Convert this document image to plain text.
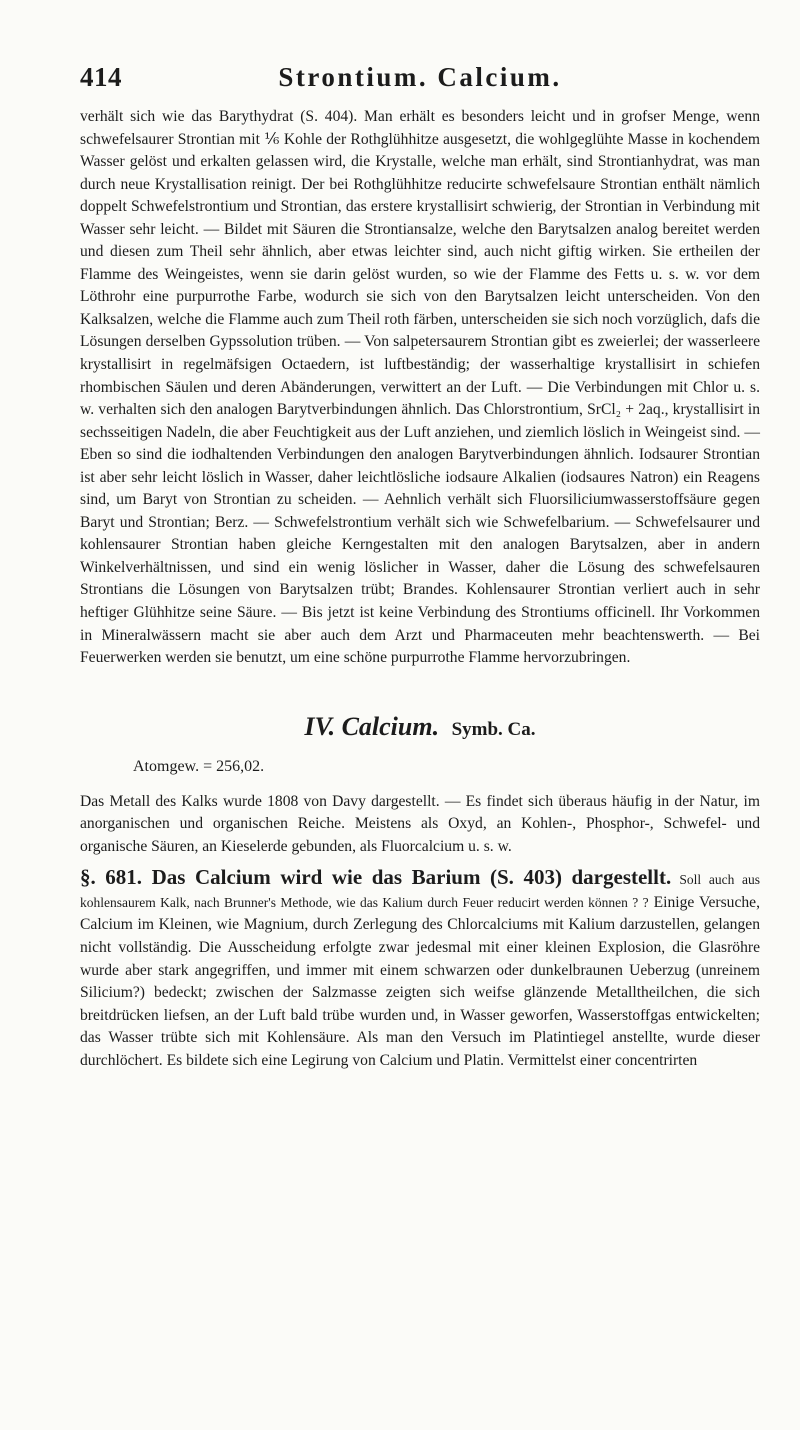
414	Strontium. Calcium.

verhält sich wie das Barythydrat (S. 404). Man erhält es besonders leicht und in grofser Menge, wenn schwefelsaurer Strontian mit ⅙ Kohle der Rothglühhitze ausgesetzt, die wohlgeglühte Masse in kochendem Wasser gelöst und erkalten gelassen wird, die Krystalle, welche man erhält, sind Strontianhydrat, was man durch neue Krystallisation reinigt. Der bei Rothglühhitze reducirte schwefelsaure Strontian enthält nämlich doppelt Schwefelstrontium und Strontian, das erstere krystallisirt schwierig, der Strontian in Verbindung mit Wasser sehr leicht. — Bildet mit Säuren die Strontiansalze, welche den Barytsalzen analog bereitet werden und diesen zum Theil sehr ähnlich, aber etwas leichter sind, auch nicht giftig wirken. Sie ertheilen der Flamme des Weingeistes, wenn sie darin gelöst wurden, so wie der Flamme des Fetts u. s. w. vor dem Löthrohr eine purpurrothe Farbe, wodurch sie sich von den Barytsalzen leicht unterscheiden. Von den Kalksalzen, welche die Flamme auch zum Theil roth färben, unterscheiden sie sich noch vorzüglich, dafs die Lösungen derselben Gypssolution trüben. — Von salpetersaurem Strontian gibt es zweierlei; der wasserleere krystallisirt in regelmäfsigen Octaedern, ist luftbeständig; der wasserhaltige krystallisirt in schiefen rhombischen Säulen und deren Abänderungen, verwittert an der Luft. — Die Verbindungen mit Chlor u. s. w. verhalten sich den analogen Barytverbindungen ähnlich. Das Chlorstrontium, SrCl₂ + 2aq., krystallisirt in sechsseitigen Nadeln, die aber Feuchtigkeit aus der Luft anziehen, und ziemlich löslich in Weingeist sind. — Eben so sind die iodhaltenden Verbindungen den analogen Barytverbindungen ähnlich. Iodsaurer Strontian ist aber sehr leicht löslich in Wasser, daher leichtlösliche iodsaure Alkalien (iodsaures Natron) ein Reagens sind, um Baryt von Strontian zu scheiden. — Aehnlich verhält sich Fluorsiliciumwasserstoffsäure gegen Baryt und Strontian; Berz. — Schwefelstrontium verhält sich wie Schwefelbarium. — Schwefelsaurer und kohlensaurer Strontian haben gleiche Kerngestalten mit den analogen Barytsalzen, aber in andern Winkelverhältnissen, und sind ein wenig löslicher in Wasser, daher die Lösung des schwefelsauren Strontians die Lösungen von Barytsalzen trübt; Brandes. Kohlensaurer Strontian verliert auch in sehr heftiger Glühhitze seine Säure. — Bis jetzt ist keine Verbindung des Strontiums officinell. Ihr Vorkommen in Mineralwässern macht sie aber auch dem Arzt und Pharmaceuten mehr beachtenswerth. — Bei Feuerwerken werden sie benutzt, um eine schöne purpurrothe Flamme hervorzubringen.

IV. Calcium. Symb. Ca.
Atomgew. = 256,02.

Das Metall des Kalks wurde 1808 von Davy dargestellt. — Es findet sich überaus häufig in der Natur, im anorganischen und organischen Reiche. Meistens als Oxyd, an Kohlen-, Phosphor-, Schwefel- und organische Säuren, an Kieselerde gebunden, als Fluorcalcium u. s. w.

§. 681. Das Calcium wird wie das Barium (S. 403) dargestellt. Soll auch aus kohlensaurem Kalk, nach Brunner's Methode, wie das Kalium durch Feuer reducirt werden können ? ? Einige Versuche, Calcium im Kleinen, wie Magnium, durch Zerlegung des Chlorcalciums mit Kalium darzustellen, gelangen nicht vollständig. Die Ausscheidung erfolgte zwar jedesmal mit einer kleinen Explosion, die Glasröhre wurde aber stark angegriffen, und immer mit einem schwarzen oder dunkelbraunen Ueberzug (unreinem Silicium?) bedeckt; zwischen der Salzmasse zeigten sich weifse glänzende Metalltheilchen, die sich breitdrücken liefsen, an der Luft bald trübe wurden und, in Wasser geworfen, Wasserstoffgas entwickelten; das Wasser trübte sich mit Kohlensäure. Als man den Versuch im Platintiegel anstellte, wurde dieser durchlöchert. Es bildete sich eine Legirung von Calcium und Platin. Vermittelst einer concentrirten
